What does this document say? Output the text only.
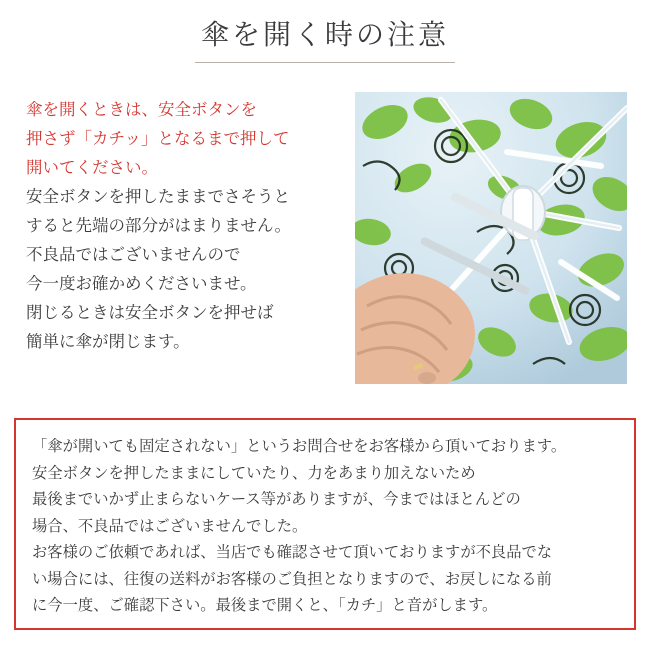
傘を開く時の注意
傘を開くときは、安全ボタンを
押さず「カチッ」となるまで押して
開いてください。
安全ボタンを押したままでさそうと
すると先端の部分がはまりません。
不良品ではございませんので
今一度お確かめくださいませ。
閉じるときは安全ボタンを押せば
簡単に傘が閉じます。
「傘が開いても固定されない」というお問合せをお客様から頂いております。
安全ボタンを押したままにしていたり、力をあまり加えないため
最後までいかず止まらないケース等がありますが、今まではほとんどの
場合、不良品ではございませんでした。
お客様のご依頼であれば、当店でも確認させて頂いておりますが不良品でな
い場合には、往復の送料がお客様のご負担となりますので、お戻しになる前
に今一度、ご確認下さい。最後まで開くと、「カチ」と音がします。
